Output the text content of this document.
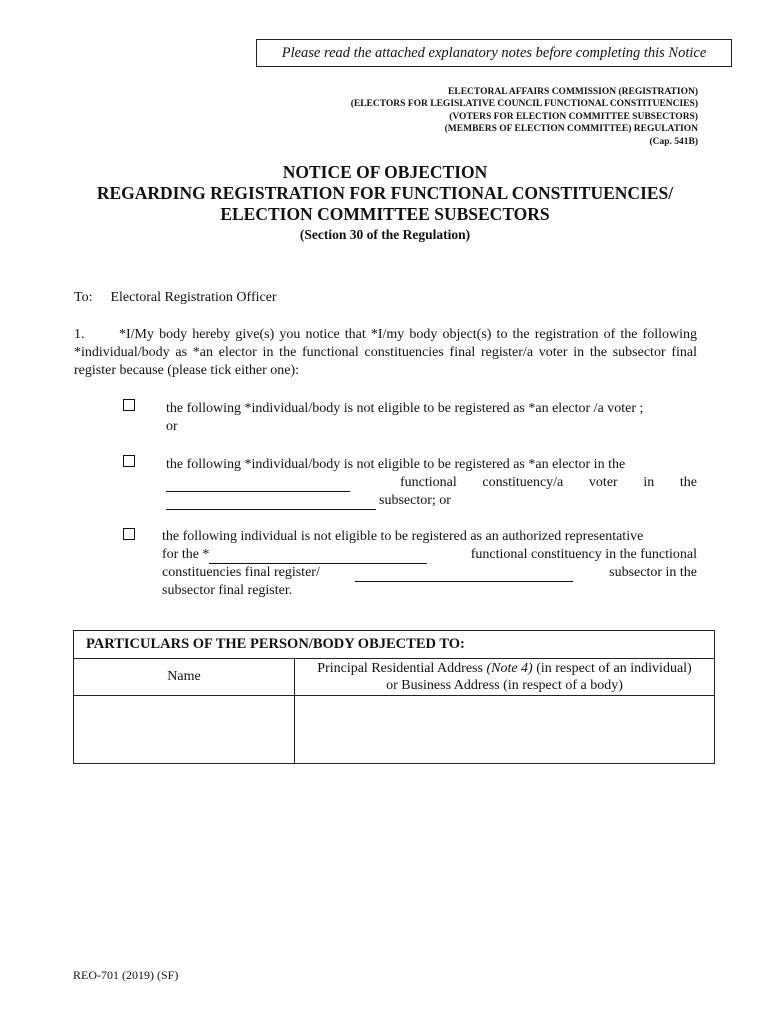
Please read the attached explanatory notes before completing this Notice
ELECTORAL AFFAIRS COMMISSION (REGISTRATION)
(ELECTORS FOR LEGISLATIVE COUNCIL FUNCTIONAL CONSTITUENCIES)
(VOTERS FOR ELECTION COMMITTEE SUBSECTORS)
(MEMBERS OF ELECTION COMMITTEE) REGULATION
(Cap. 541B)
NOTICE OF OBJECTION
REGARDING REGISTRATION FOR FUNCTIONAL CONSTITUENCIES/
ELECTION COMMITTEE SUBSECTORS
(Section 30 of the Regulation)
To: Electoral Registration Officer
1. *I/My body hereby give(s) you notice that *I/my body object(s) to the registration of the following *individual/body as *an elector in the functional constituencies final register/a voter in the subsector final register because (please tick either one):
the following *individual/body is not eligible to be registered as *an elector /a voter ;
or
the following *individual/body is not eligible to be registered as *an elector in the
functional constituency/a voter in the
subsector; or
the following individual is not eligible to be registered as an authorized representative
for the *	functional constituency in the functional
constituencies final register/	subsector in the
subsector final register.
PARTICULARS OF THE PERSON/BODY OBJECTED TO:
Name
Principal Residential Address (Note 4) (in respect of an individual)
or Business Address (in respect of a body)
REO-701 (2019) (SF)
